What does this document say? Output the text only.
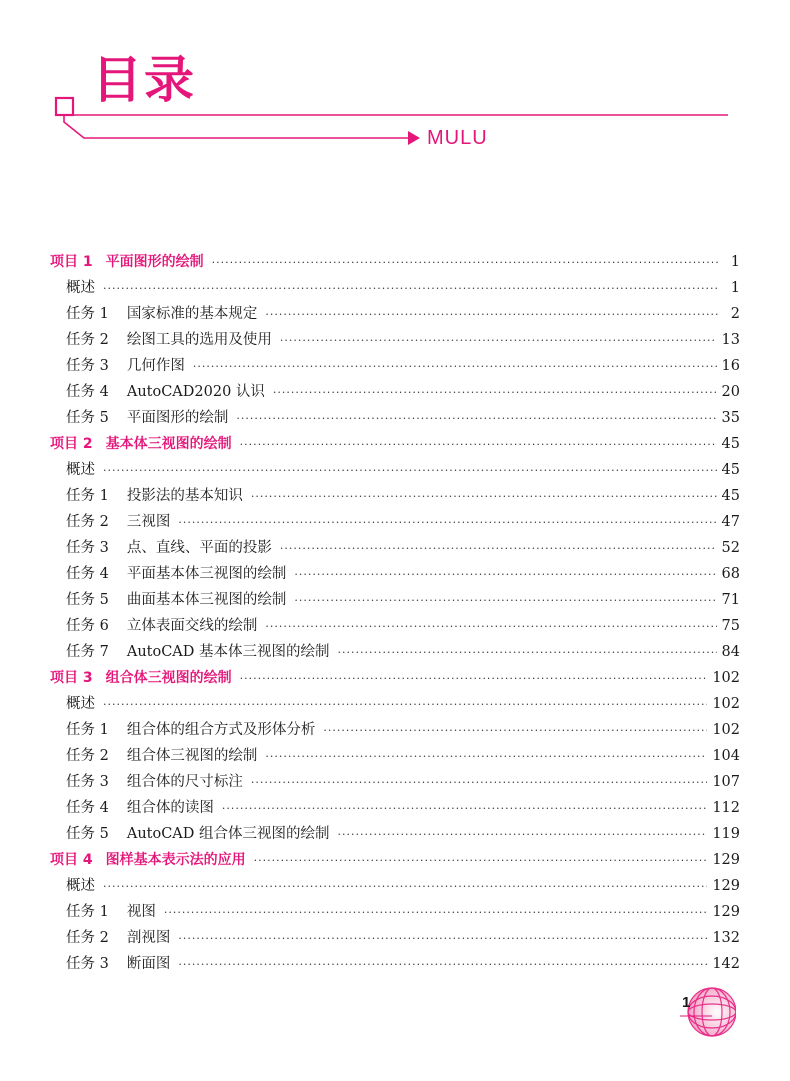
目录
MULU
项目 1 平面图形的绘制 ·····	1
概述 ·····	1
任务 1 国家标准的基本规定 ·····	2
任务 2 绘图工具的选用及使用 ·····	13
任务 3 几何作图 ·····	16
任务 4 AutoCAD2020 认识 ·····	20
任务 5 平面图形的绘制 ·····	35
项目 2 基本体三视图的绘制 ·····	45
概述 ·····	45
任务 1 投影法的基本知识 ·····	45
任务 2 三视图 ·····	47
任务 3 点、直线、平面的投影 ·····	52
任务 4 平面基本体三视图的绘制 ·····	68
任务 5 曲面基本体三视图的绘制 ·····	71
任务 6 立体表面交线的绘制 ·····	75
任务 7 AutoCAD 基本体三视图的绘制 ·····	84
项目 3 组合体三视图的绘制 ·····	102
概述 ·····	102
任务 1 组合体的组合方式及形体分析 ·····	102
任务 2 组合体三视图的绘制 ·····	104
任务 3 组合体的尺寸标注 ·····	107
任务 4 组合体的读图 ·····	112
任务 5 AutoCAD 组合体三视图的绘制 ·····	119
项目 4 图样基本表示法的应用 ·····	129
概述 ·····	129
任务 1 视图 ·····	129
任务 2 剖视图 ·····	132
任务 3 断面图 ·····	142
1
